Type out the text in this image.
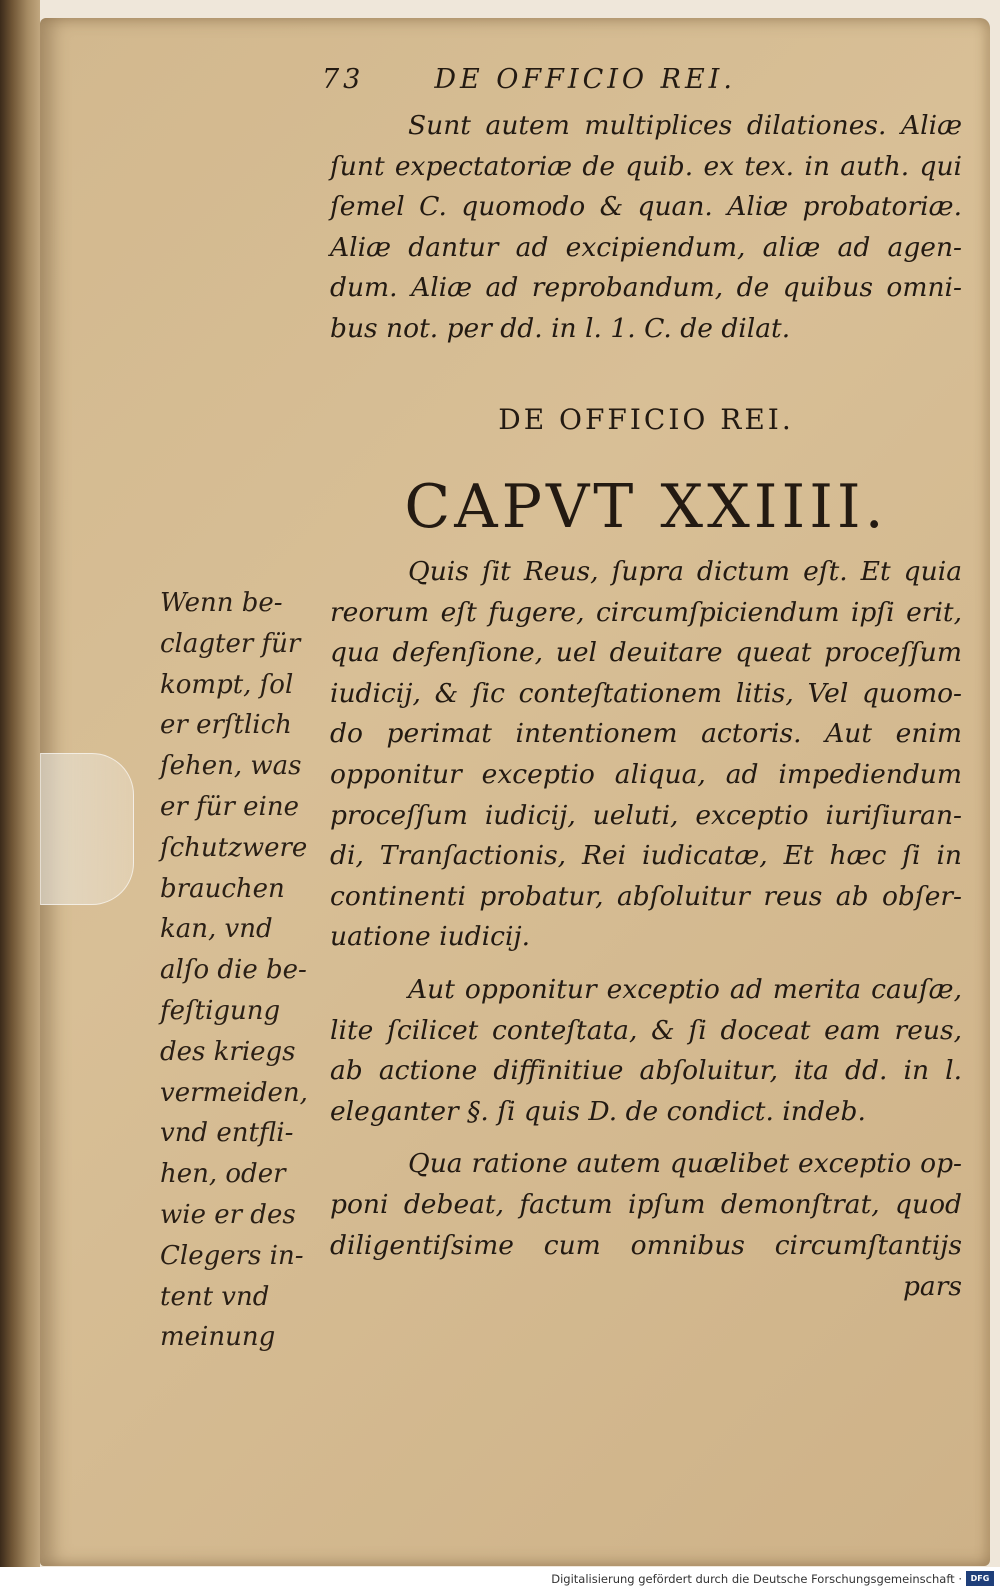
73	DE OFFICIO REI.
Sunt autem multiplices dilationes. Aliæ
ſunt expectatoriæ de quib. ex tex. in auth. qui
ſemel C. quomodo & quan. Aliæ probatoriæ.
Aliæ dantur ad excipiendum, aliæ ad agen-
dum. Aliæ ad reprobandum, de quibus omni-
bus not. per dd. in l. 1. C. de dilat.
DE OFFICIO REI.
CAPVT XXIIII.
Quis ſit Reus, ſupra dictum eſt. Et quia
reorum eſt fugere, circumſpiciendum ipſi erit,
qua defenſione, uel deuitare queat proceſſum
iudicij, & ſic conteſtationem litis, Vel quomo-
do perimat intentionem actoris. Aut enim
opponitur exceptio aliqua, ad impediendum
proceſſum iudicij, ueluti, exceptio iuriſiuran-
di, Tranſactionis, Rei iudicatæ, Et hæc ſi in
continenti probatur, abſoluitur reus ab obſer-
uatione iudicij.
Aut opponitur exceptio ad merita cauſæ,
lite ſcilicet conteſtata, & ſi doceat eam reus,
ab actione diffinitiue abſoluitur, ita dd. in l.
eleganter §. ſi quis D. de condict. indeb.
Qua ratione autem quælibet exceptio op-
poni debeat, factum ipſum demonſtrat, quod
diligentiſsime cum omnibus circumſtantijs
pars
Wenn be-
clagter für
kompt, ſol
er erſtlich
ſehen, was
er für eine
ſchutzwere
brauchen
kan, vnd
alſo die be-
feſtigung
des kriegs
vermeiden,
vnd entfli-
hen, oder
wie er des
Clegers in-
tent vnd
meinung
Digitalisierung gefördert durch die Deutsche Forschungsgemeinschaft ·	DFG
